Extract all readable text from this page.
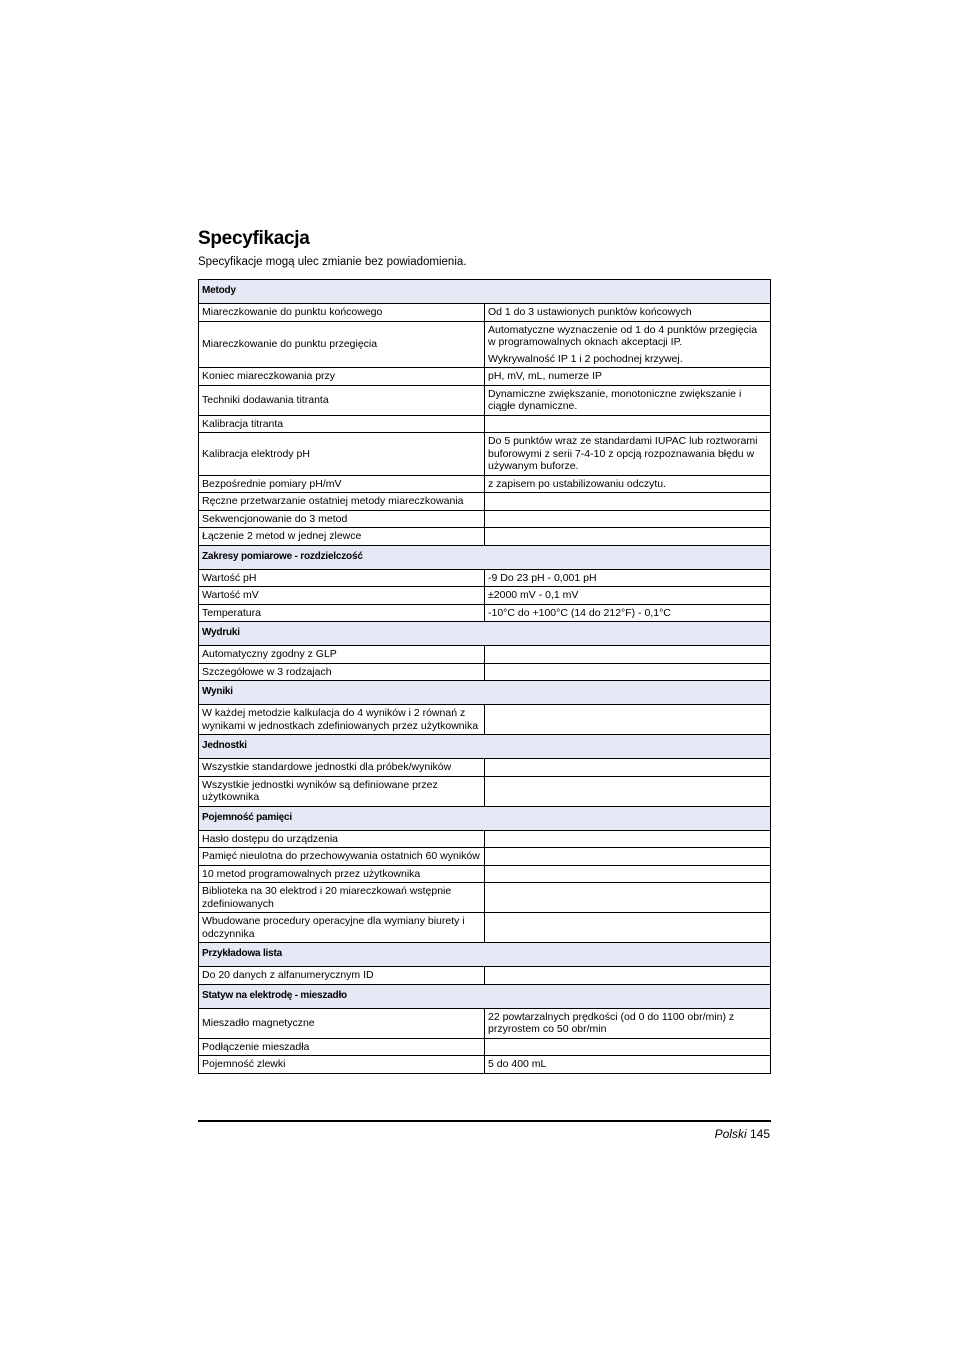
Specyfikacja

Specyfikacje mogą ulec zmianie bez powiadomienia.

Metody	
Miareczkowanie do punktu końcowego	Od 1 do 3 ustawionych punktów końcowych
Miareczkowanie do punktu przegięcia	Automatyczne wyznaczenie od 1 do 4 punktów przegięcia w programowalnych oknach akceptacji IP.

Wykrywalność IP 1 i 2 pochodnej krzywej.

Koniec miareczkowania przy	pH, mV, mL, numerze IP
Techniki dodawania titranta	Dynamiczne zwiększanie, monotoniczne zwiększanie i ciągłe dynamiczne.
Kalibracja titranta	
Kalibracja elektrody pH	Do 5 punktów wraz ze standardami IUPAC lub roztworami buforowymi z serii 7-4-10 z opcją rozpoznawania błędu w używanym buforze.
Bezpośrednie pomiary pH/mV	z zapisem po ustabilizowaniu odczytu.
Ręczne przetwarzanie ostatniej metody miareczkowania	
Sekwencjonowanie do 3 metod	
Łączenie 2 metod w jednej zlewce	
Zakresy pomiarowe - rozdzielczość	
Wartość pH	-9 Do 23 pH - 0,001 pH
Wartość mV	±2000 mV - 0,1 mV
Temperatura	-10°C do +100°C (14 do 212°F) - 0,1°C
Wydruki	
Automatyczny zgodny z GLP	
Szczegółowe w 3 rodzajach	
Wyniki	
W każdej metodzie kalkulacja do 4 wyników i 2 równań z wynikami w jednostkach zdefiniowanych przez użytkownika	
Jednostki	
Wszystkie standardowe jednostki dla próbek/wyników	
Wszystkie jednostki wyników są definiowane przez użytkownika	
Pojemność pamięci	
Hasło dostępu do urządzenia	
Pamięć nieulotna do przechowywania ostatnich 60 wyników	
10 metod programowalnych przez użytkownika	
Biblioteka na 30 elektrod i 20 miareczkowań wstępnie zdefiniowanych	
Wbudowane procedury operacyjne dla wymiany biurety i odczynnika	
Przykładowa lista	
Do 20 danych z alfanumerycznym ID	
Statyw na elektrodę - mieszadło	
Mieszadło magnetyczne	22 powtarzalnych prędkości (od 0 do 1100 obr/min) z przyrostem co 50 obr/min
Podłączenie mieszadła	
Pojemność zlewki	5 do 400 mL
Polski 145
